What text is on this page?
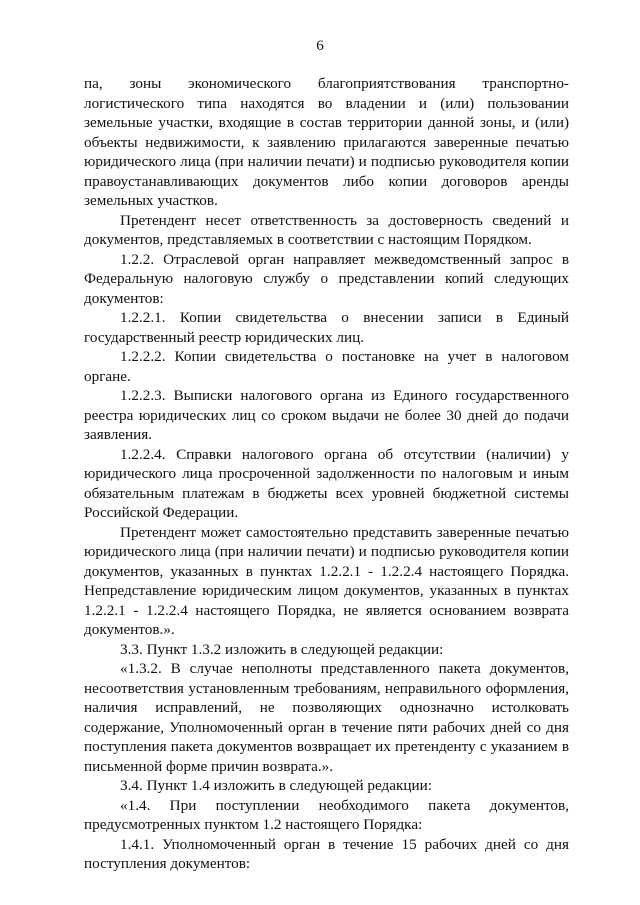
6

па, зоны экономического благоприятствования транспортно-логистического типа находятся во владении и (или) пользовании земельные участки, входящие в состав территории данной зоны, и (или) объекты недвижимости, к заявлению прилагаются заверенные печатью юридического лица (при наличии печати) и подписью руководителя копии правоустанавливающих документов либо копии договоров аренды земельных участков.

Претендент несет ответственность за достоверность сведений и документов, представляемых в соответствии с настоящим Порядком.

1.2.2. Отраслевой орган направляет межведомственный запрос в Федеральную налоговую службу о представлении копий следующих документов:

1.2.2.1. Копии свидетельства о внесении записи в Единый государственный реестр юридических лиц.

1.2.2.2. Копии свидетельства о постановке на учет в налоговом органе.

1.2.2.3. Выписки налогового органа из Единого государственного реестра юридических лиц со сроком выдачи не более 30 дней до подачи заявления.

1.2.2.4. Справки налогового органа об отсутствии (наличии) у юридического лица просроченной задолженности по налоговым и иным обязательным платежам в бюджеты всех уровней бюджетной системы Российской Федерации.

Претендент может самостоятельно представить заверенные печатью юридического лица (при наличии печати) и подписью руководителя копии документов, указанных в пунктах 1.2.2.1 - 1.2.2.4 настоящего Порядка. Непредставление юридическим лицом документов, указанных в пунктах 1.2.2.1 - 1.2.2.4 настоящего Порядка, не является основанием возврата документов.».

3.3. Пункт 1.3.2 изложить в следующей редакции:

«1.3.2. В случае неполноты представленного пакета документов, несоответствия установленным требованиям, неправильного оформления, наличия исправлений, не позволяющих однозначно истолковать содержание, Уполномоченный орган в течение пяти рабочих дней со дня поступления пакета документов возвращает их претенденту с указанием в письменной форме причин возврата.».

3.4. Пункт 1.4 изложить в следующей редакции:

«1.4. При поступлении необходимого пакета документов, предусмотренных пунктом 1.2 настоящего Порядка:

1.4.1. Уполномоченный орган в течение 15 рабочих дней со дня поступления документов:
